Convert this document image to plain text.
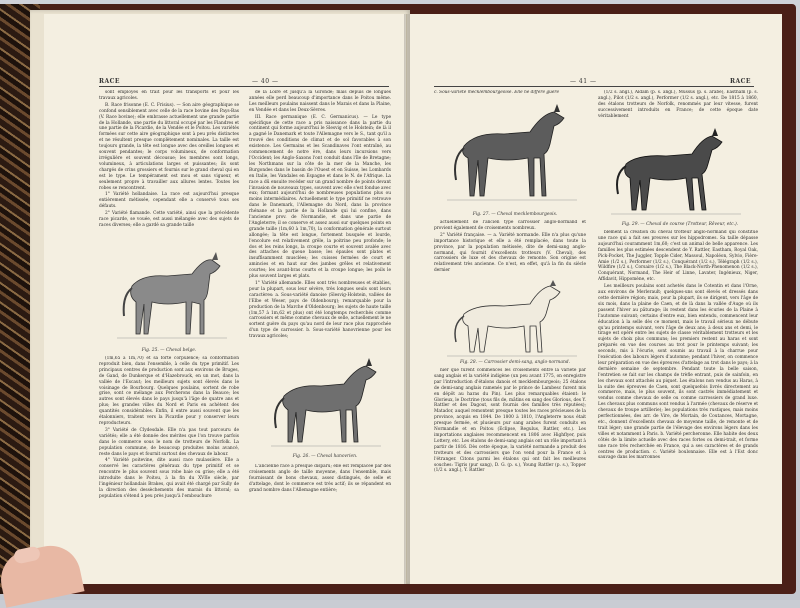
RACE	— 40 —

sont employés en trait pour les transports et pour les travaux agricoles.

B. Race frisonne (E. C. Frisius). — Son aire géographique se confond sensiblement avec celle de la race bovine des Pays-Bas (V. Race bovine); elle embrasse actuellement une grande partie de la Hollande, une partie du littoral occupé par les Flandres et une partie de la Picardie, de la Vendée et le Poitou. Les variétés formées sur cette aire géographique sont à peu près distinctes et ne résultent presque complètement nominales. La taille est toujours grande, la tête est longue avec des oreilles longues et souvent pendantes; le corps volumineux, de conformation irrégulière et souvent décousue; les membres sont longs, volumineux, à articulations larges et puissantes; ils sont chargés de crins grossiers et fournis sur le grand cheval qui en est le type. Le tempérament est mou et sans vigueur, et seulement propre à travailler aux allures lentes. Toutes les robes se rencontrent.

1° Variété hollandaise. La race est aujourd'hui presque entièrement métissée, cependant elle a conservé tous ses défauts.

2° Variété flamande. Cette variété, ainsi que la précédente race picarde, se vouée, est aussi mélangée avec des sujets de races diverses; elle a gardé sa grande taille

Fig. 25. — Cheval belge.

(1m,65 à 1m,70) et sa forte corpulence; sa conformation reproduit bien, dans l'ensemble, à celle du type primitif. Les principaux centres de production sont aux environs de Bruges, de Gand, de Dunkerque et d'Hazebrouck, en un mot, dans la vallée de l'Escaut; les meilleurs sujets sont élevés dans le voisinage de Bourbourg. Quelques poulains, sortent de robe grise, sont ce mélange aux Percherons dans la Beauce; les autres sont élevés dans le pays jusqu'à l'âge de quatre ans et plus; les grandes villes du Nord et Paris en achètent des quantités considérables. Enfin, il entre aussi souvent que les étalonniers, traitent vers la Picardie pour y conserver leurs reproducteurs.

3° Variété de Clydesdale. Elle n'a pas tout parcouru de variétés; elle a été donnée des mérites que l'on trouve parfois dans le commerce sous le nom de trotteurs de Norfolk. La population commune, de beaucoup produites moins avancé, reste dans le pays et fournit surtout des chevaux de labour.

4° Variété poitevine, dite aussi race mulassière. Elle a conservé les caractères généraux du type primitif et se rencontre le plus souvent sous robe baie ou grise; elle a été introduite dans le Poitou, à la fin du XVIIe siècle, par l'ingénieur hollandais Brakes, qui avait été chargé par Sully de la direction des dessèchements des marais du littoral; sa population s'étend à peu près jusqu'à l'embouchure

de la Loire et jusqu'à la Gironde; mais depuis de longues années elle perd beaucoup d'importance dans le Poitou même. Les meilleurs poulains naissent dans le Marais et dans la Plaine, en Vendée et dans les Deux-Sèvres.

III. Race germanique (E. C. Germanicus). — Le type spécifique de cette race a pris naissance dans la partie du continent qui forme aujourd'hui le Slesvig et le Holstein; de là il a gagné le Danemark et toute l'Allemagne vers le S., tant qu'il a trouvé des conditions de climat et de sol favorables à son existence. Les Germains et les Scandinaves l'ont entraîné, au commencement de notre ère, dans leurs incursions vers l'Occident; les Anglo-Saxons l'ont conduit dans l'île de Bretagne; les Northmans sur la côte de la mer de la Manche, les Burgondes dans le bassin de l'Ouest et en Suisse, les Lombards en Italie, les Vandales en Espagne et dans le N. de l'Afrique. La race a dû ensuite recéder sur un grand nombre de points devant l'invasion de nouveaux types, souvent avec elle s'est fondue avec eux; formant aujourd'hui de nombreuses populations plus ou moins intermédiaires. Actuellement le type primitif ne retrouve dans le Danemark, l'Allemagne du Nord, dans la province rhénane et la partie de la Hollande qui lui confine, dans l'ancienne prov. de Normandie, et dans une partie de l'Angleterre; il se conserve et assez aussi sur quelques points en grande taille (1m,60 à 1m,70), la conformation générale surtout allongée; la tête est longue, fortement busquée et lourde, l'encolure est relativement grêle, la poitrine peu profonde; le dos et les reins longs, la croupe courte et souvent avalée avec des attaches de queue basse; les épaules sont plates et insuffisamment musclées; les cuisses fermées de court et amincies et en haut sur des jambes grêles et relativement courtes; les avant-bras courts et la croupe longue; les poils le plus souvent larges et plats.

1° Variété allemande. Elles sont très nombreuses et établies, pour la plupart, sous leur sévère, très longues seuls sont leurs caractères: a. Sous-variété danoise (Slesvig-Holstein, vallées de l'Elbe et Weser, pays de Oldenbourg); remarquable pour la production de la Marche d'Oldenbourg; les sujets de haute taille (1m,57 à 1m,62 et plus) ont été longtemps recherchés comme carrossiers et même comme chevaux de selle, actuellement le ne sortent guère du pays qu'au nord de leur race plus rapprochée d'un type de carrossier. b. Sous-variété hanovrienne pour les travaux agricoles;

Fig. 26. — Cheval hanovrien.

L'ancienne race a presque disparu; elle est remplacée par des croisements anglo de taille moyenne, dans l'ensemble, mais fournissant de bons chevaux, assez distingués, de selle et d'attelage, dont le commerce est très actif; ils se répandent en grand nombre dans l'Allemagne entière;

— 41 —	RACE
c. Sous-variété mecklembourgeoise. Elle ne diffère guère
Fig. 27. — Cheval mecklembourgeois.

actuellement de l'ancien type carrossier anglo-normand et provient également de croisements nombreux.

2° Variété française. — a. Variété normande. Elle n'a plus qu'une importance historique et elle a été remplacée, dans toute la province, par la population métissée, dite de demi-sang anglo-normand, qui fournit d'excellents trotteurs (V. Cheval), des carrossiers de luxe et des chevaux de remonte. Son origine est relativement très ancienne. Ce n'est, en effet, qu'à la fin du siècle dernier

Fig. 28. — Carrossier demi-sang, anglo-normand.

nier que furent commencés les croisements entre la variété par sang anglais et la variété indigène (un peu avant 1775, on enregistre par l'introduction d'étalons danois et mecklembourgeois; 25 étalons de demi-sang anglais ramenés par le prince de Lambesc furent mis en dépôt au haras du Pin). Les plus remarquables étaient: le Glorieux, le Doctrine (tous fils de, mâtins en sang des Glorious, des Y. Rattler et des Dagout, sont fournis des familles très réputées); Matador, auquel remontent presque toutes les races précieuses de la province, acquis en 1844. De 1800 à 1810, l'Angleterre nous était presque fermée, et plusieurs pur sang arabes furent conduits en Normandie et en Poitou (Eclipse, Regulus, Rattler, etc.). Les importations anglaises recommencent en 1806 avec Highflyer, puis Lottery, etc. Les étalons de demi-sang anglais ont un rôle important à partir de 1816. Dès cette époque, la variété normande a produit des trotteurs et des carrossiers que l'on vend pour la France et à l'étranger. Citons parmi les étalons qui ont fait les meilleures souches: Tigris (pur sang), D. G. (p. s.), Young Rattler (p. s.), Topper (1/2 s. angl.), Y. Rattler

(1/2 s. angl.), Aldam (p. s. angl.), Mussus (p. s. arabe), Eastham (p. s. angl.), Pilot (1/2 s. angl.), Performer (1/2 s. angl.), etc. De 1815 à 1860, des étalons trotteurs de Norfolk, renommés par leur vitesse, furent successivement introduits en France; de cette époque date véritablement

Fig. 29. — Cheval de course (Trotteur, Rêveur, etc.).

blement la création du cheval trotteur anglo-normand qui constitue une race qui a fait ses preuves sur les hippodromes. Sa taille dépasse aujourd'hui couramment 1m,60; c'est un animal de belle apparence. Les familles les plus estimées descendent de Y. Rattler, Eastham, Royal Oak, Pick-Pocket, The Juggler, Topple Cider, Massoul, Napoléon, Sylvio, Fière-Amie (1/2 s.), Performer (1/2 s.), Conquérant (1/2 s.), Télégraph (1/2 s.), Wildfire (1/2 s.), Corsaire (1/2 s.), The Black-North-Phenomenon (1/2 s.), Conquérant, Normand, The Heir of Linne, Lavater, Ingénieux, Niger, Affidavit, Hippomène, etc.

Les meilleurs poulains sont achetés dans le Cotentin et dans l'Orne, aux environs de Merlerault; quelques-uns sont élevés et dressés dans cette dernière région; mais, pour la plupart, ils se dirigent, vers l'âge de six mois, dans la plaine de Caen, et de là dans la vallée d'Auge où ils passent l'hiver au pâturage; ils restent dans les écuries de la Plaine à l'automne suivant; certains d'entre eux, bien entendu, commencent leur éducation à la selle dès ce moment, mais le travail sérieux ne débute qu'au printemps suivant, vers l'âge de deux ans; à deux ans et demi, le tirage est opéré entre les sujets de classe véritablement trotteurs et les sujets de choix plus communs; les premiers restent au haras et sont préparés en vue des courses au trot pour le printemps suivant; les seconds, mis à l'écurie, sont soumis au travail à la charrue pour l'exécution des labours légers d'automne; pendant l'hiver, on commence leur préparation en vue des épreuves d'attelage au trot dans le pays; à la dernière semaine de septembre. Pendant toute la belle saison, l'entretien se fait sur les champs de trèfle entrant, puis de sainfoin, en les chevaux sont attachés au piquet. Les étalons non vendus au Haras, à la suite des épreuves de Caen, sont quelquefois livrés directement au commerce, mais, le plus souvent, ils sont castrés immédiatement et vendus comme chevaux de selle ou comme carrossiers de grand luxe. Les chevaux plus communs sont vendus à l'armée (chevaux de réserve et chevaux de troupe artillerie); les populations très rustiques, mais moins perfectionnées, des arr. de Vire, de Mortain, de Coutances, Mortagne, etc., donnent d'excellents chevaux de moyenne taille, de remonte et de trait léger; une grande partie de l'élevage des environs légers dans les villes et notamment à Paris. b. Variété percheronne. Elle habite des deux côtés de la limite actuelle avec des races fortes ou demi-trait, et forme une race très recherchée en France, qui a ses caractères et de grands centres de production. c. Variété boulonnaise. Elle est à l'Est donc sauvage dans les marronnes
